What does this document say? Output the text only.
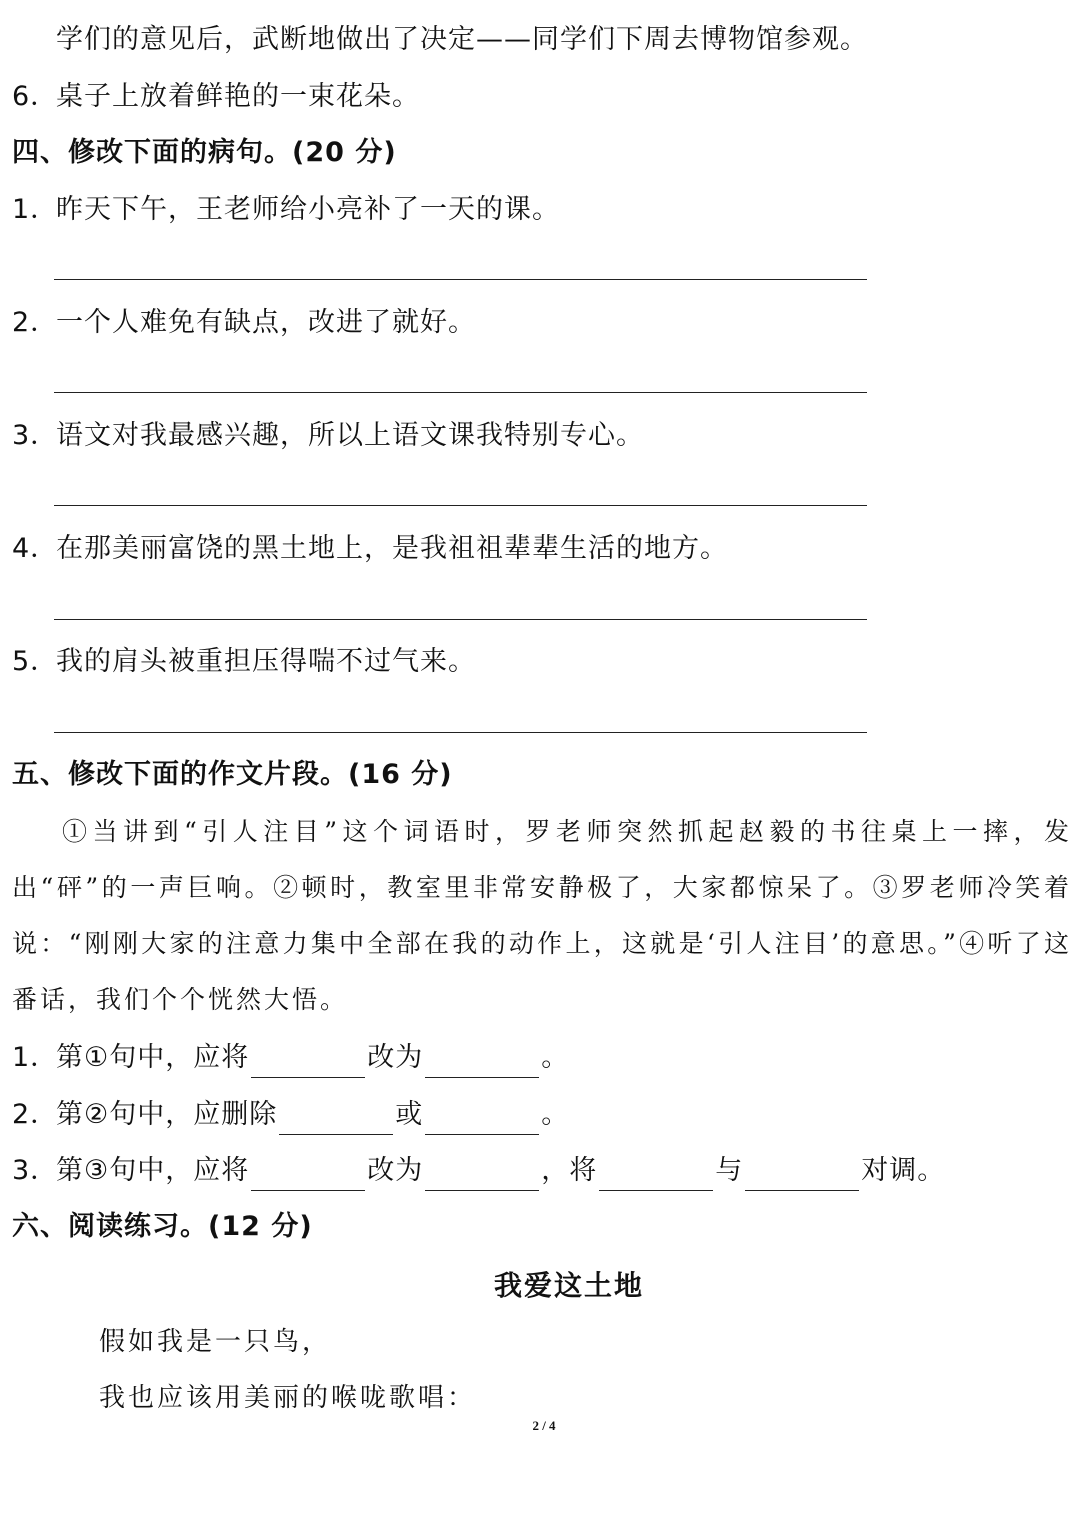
学们的意见后，武断地做出了决定——同学们下周去博物馆参观。
6．桌子上放着鲜艳的一束花朵。
四、修改下面的病句。(20 分)
1．昨天下午，王老师给小亮补了一天的课。
2．一个人难免有缺点，改进了就好。
3．语文对我最感兴趣，所以上语文课我特别专心。
4．在那美丽富饶的黑土地上，是我祖祖辈辈生活的地方。
5．我的肩头被重担压得喘不过气来。
五、修改下面的作文片段。(16 分)
①当讲到“引人注目”这个词语时，罗老师突然抓起赵毅的书往桌上一摔，发出“砰”的一声巨响。②顿时，教室里非常安静极了，大家都惊呆了。③罗老师冷笑着说：“刚刚大家的注意力集中全部在我的动作上，这就是‘引人注目’的意思。”④听了这番话，我们个个恍然大悟。
1．第①句中，应将	改为	。
2．第②句中，应删除	或	。
3．第③句中，应将	改为	，将	与	对调。
六、阅读练习。(12 分)
我爱这土地
假如我是一只鸟，
我也应该用美丽的喉咙歌唱：
2 / 4
